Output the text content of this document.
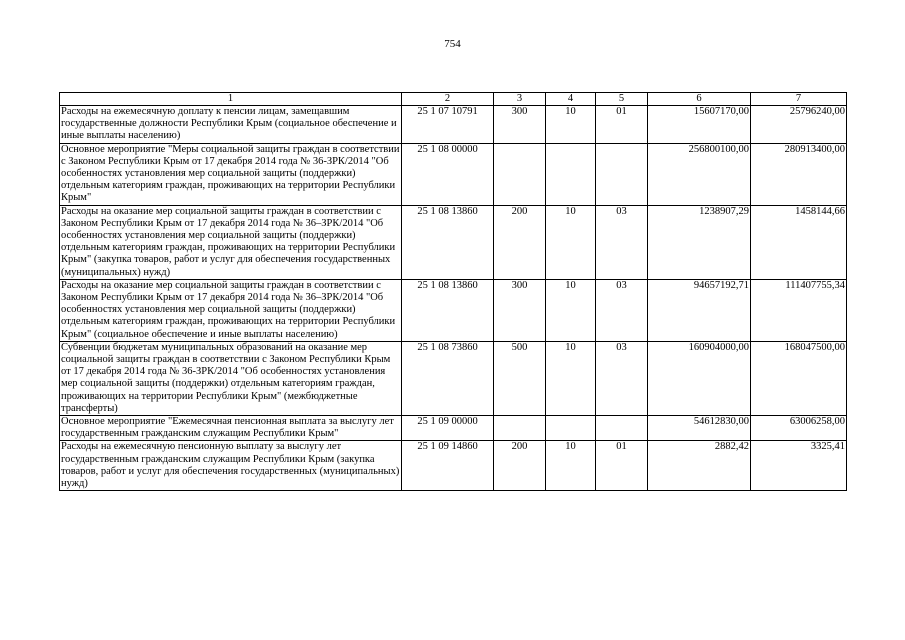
754
1	2	3	4	5	6	7
Расходы на ежемесячную доплату к пенсии лицам, замещавшим государственные должности Республики Крым (социальное обеспечение и иные выплаты населению)	25 1 07 10791	300	10	01	15607170,00	25796240,00
Основное мероприятие "Меры социальной защиты граждан в соответствии с Законом Республики Крым от 17 декабря 2014 года № 36-ЗРК/2014 "Об особенностях установления мер социальной защиты (поддержки) отдельным категориям граждан, проживающих на территории Республики Крым"	25 1 08 00000				256800100,00	280913400,00
Расходы на оказание мер социальной защиты граждан в соответствии с Законом Республики Крым от 17 декабря 2014 года № 36–ЗРК/2014 "Об особенностях установления мер социальной защиты (поддержки) отдельным категориям граждан, проживающих на территории Республики Крым" (закупка товаров, работ и услуг для обеспечения государственных (муниципальных) нужд)	25 1 08 13860	200	10	03	1238907,29	1458144,66
Расходы на оказание мер социальной защиты граждан в соответствии с Законом Республики Крым от 17 декабря 2014 года № 36–ЗРК/2014 "Об особенностях установления мер социальной защиты (поддержки) отдельным категориям граждан, проживающих на территории Республики Крым" (социальное обеспечение и иные выплаты населению)	25 1 08 13860	300	10	03	94657192,71	111407755,34
Субвенции бюджетам муниципальных образований на оказание мер социальной защиты граждан в соответствии с Законом Республики Крым от 17 декабря 2014 года № 36-ЗРК/2014 "Об особенностях установления мер социальной защиты (поддержки) отдельным категориям граждан, проживающих на территории Республики Крым" (межбюджетные трансферты)	25 1 08 73860	500	10	03	160904000,00	168047500,00
Основное мероприятие "Ежемесячная пенсионная выплата за выслугу лет государственным гражданским служащим Республики Крым"	25 1 09 00000				54612830,00	63006258,00
Расходы на ежемесячную пенсионную выплату за выслугу лет государственным гражданским служащим Республики Крым (закупка товаров, работ и услуг для обеспечения государственных (муниципальных) нужд)	25 1 09 14860	200	10	01	2882,42	3325,41
